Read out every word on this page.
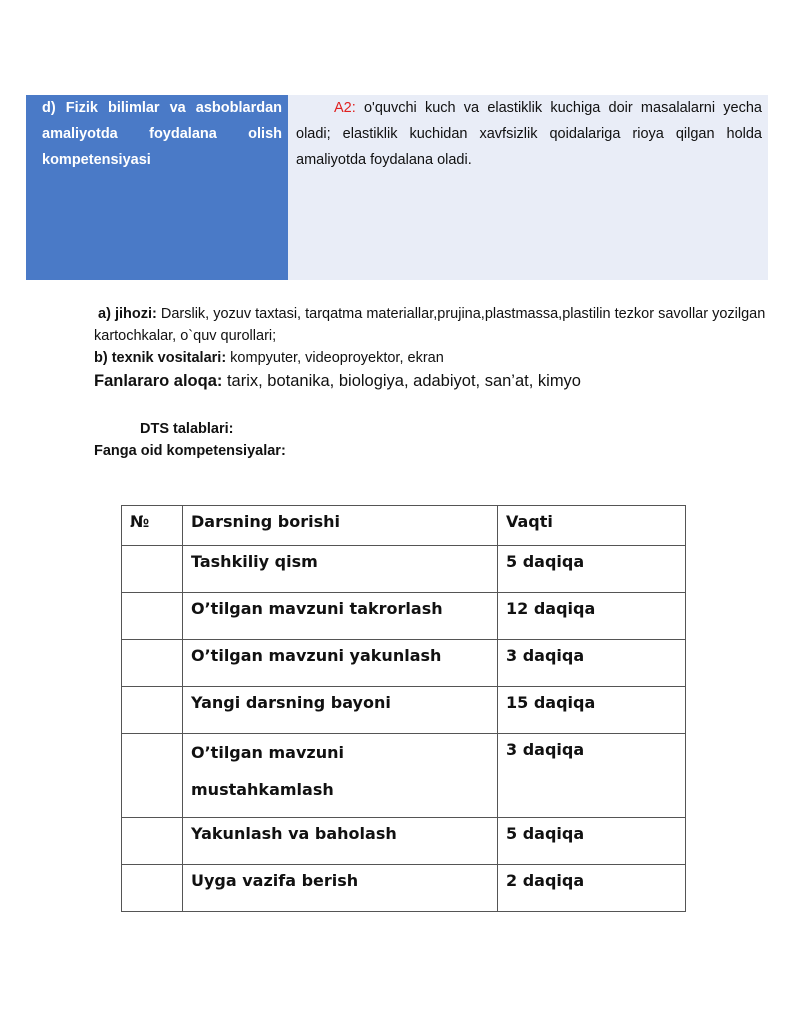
d) Fizik bilimlar va asboblardan amaliyotda foydalana olish kompetensiyasi
A2: o'quvchi kuch va elastiklik kuchiga doir masalalarni yecha oladi; elastiklik kuchidan xavfsizlik qoidalariga rioya qilgan holda amaliyotda foydalana oladi.
a) jihozi: Darslik, yozuv taxtasi, tarqatma materiallar,prujina,plastmassa,plastilin tezkor savollar yozilgan kartochkalar, o`quv qurollari;
b) texnik vositalari: kompyuter, videoproyektor, ekran
Fanlararo aloqa: tarix, botanika, biologiya, adabiyot, san’at, kimyo
DTS talablari:
Fanga oid kompetensiyalar:
№	Darsning borishi	Vaqti
	Tashkiliy qism	5 daqiqa
	O’tilgan mavzuni takrorlash	12 daqiqa
	O’tilgan mavzuni yakunlash	3 daqiqa
	Yangi darsning bayoni	15 daqiqa
	O’tilgan mavzuni mustahkamlash	3 daqiqa
	Yakunlash va baholash	5 daqiqa
	Uyga vazifa berish	2 daqiqa
